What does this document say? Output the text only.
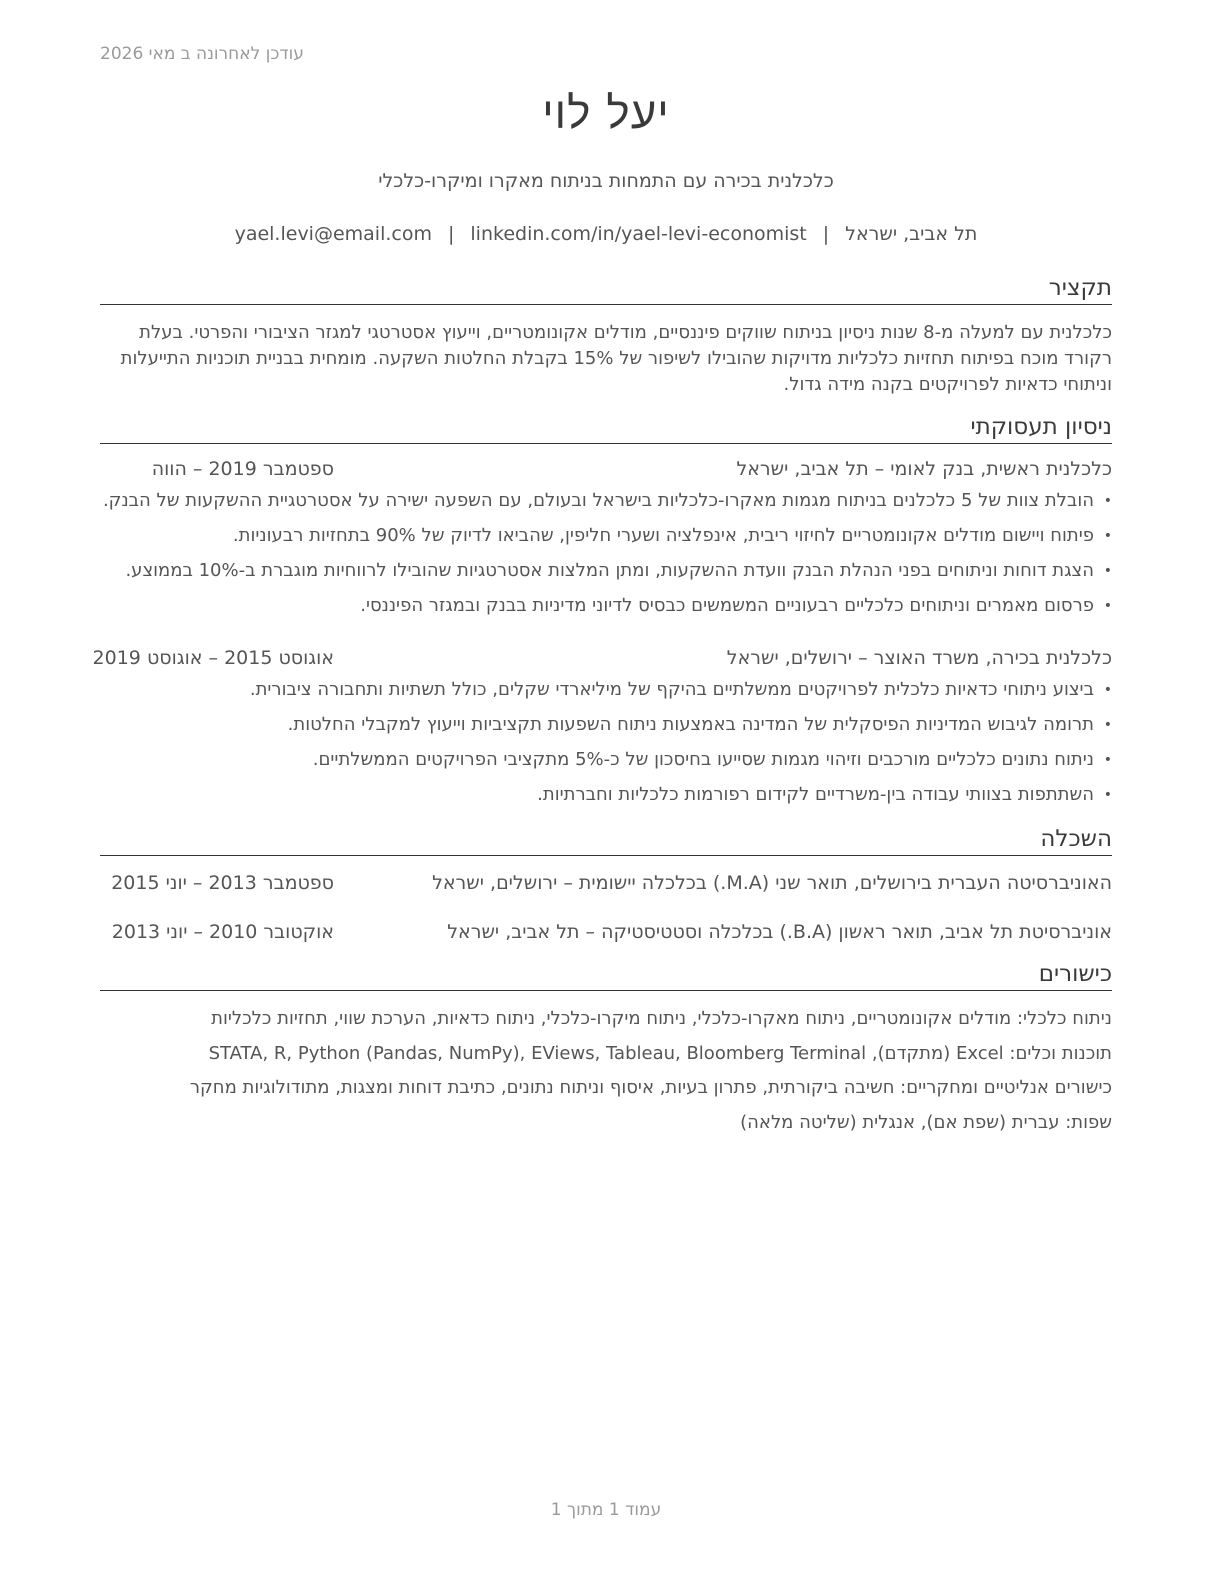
עודכן לאחרונה ב מאי 2026
יעל לוי
כלכלנית בכירה עם התמחות בניתוח מאקרו ומיקרו-כלכלי
תל אביב, ישראל|yael.levi@email.com | linkedin.com/in/yael-levi-economist
תקציר
כלכלנית עם למעלה מ-8 שנות ניסיון בניתוח שווקים פיננסיים, מודלים אקונומטריים, וייעוץ אסטרטגי למגזר הציבורי והפרטי. בעלת רקורד מוכח בפיתוח תחזיות כלכליות מדויקות שהובילו לשיפור של 15% בקבלת החלטות השקעה. מומחית בבניית תוכניות התייעלות וניתוחי כדאיות לפרויקטים בקנה מידה גדול.
ניסיון תעסוקתי
כלכלנית ראשית, בנק לאומי – תל אביב, ישראל
ספטמבר 2019 – הווה
• הובלת צוות של 5 כלכלנים בניתוח מגמות מאקרו-כלכליות בישראל ובעולם, עם השפעה ישירה על אסטרטגיית ההשקעות של הבנק.
• פיתוח ויישום מודלים אקונומטריים לחיזוי ריבית, אינפלציה ושערי חליפין, שהביאו לדיוק של 90% בתחזיות רבעוניות.
• הצגת דוחות וניתוחים בפני הנהלת הבנק וועדת ההשקעות, ומתן המלצות אסטרטגיות שהובילו לרווחיות מוגברת ב-10% בממוצע.
• פרסום מאמרים וניתוחים כלכליים רבעוניים המשמשים כבסיס לדיוני מדיניות בבנק ובמגזר הפיננסי.
כלכלנית בכירה, משרד האוצר – ירושלים, ישראל
אוגוסט 2015 – אוגוסט 2019
• ביצוע ניתוחי כדאיות כלכלית לפרויקטים ממשלתיים בהיקף של מיליארדי שקלים, כולל תשתיות ותחבורה ציבורית.
• תרומה לגיבוש המדיניות הפיסקלית של המדינה באמצעות ניתוח השפעות תקציביות וייעוץ למקבלי החלטות.
• ניתוח נתונים כלכליים מורכבים וזיהוי מגמות שסייעו בחיסכון של כ-5% מתקציבי הפרויקטים הממשלתיים.
• השתתפות בצוותי עבודה בין-משרדיים לקידום רפורמות כלכליות וחברתיות.
השכלה
האוניברסיטה העברית בירושלים, תואר שני (M.A.) בכלכלה יישומית – ירושלים, ישראל
ספטמבר 2013 – יוני 2015
אוניברסיטת תל אביב, תואר ראשון (B.A.) בכלכלה וסטטיסטיקה – תל אביב, ישראל
אוקטובר 2010 – יוני 2013
כישורים
ניתוח כלכלי: מודלים אקונומטריים, ניתוח מאקרו-כלכלי, ניתוח מיקרו-כלכלי, ניתוח כדאיות, הערכת שווי, תחזיות כלכליות
תוכנות וכלים: Excel (מתקדם), STATA, R, Python (Pandas, NumPy), EViews, Tableau, Bloomberg Terminal
כישורים אנליטיים ומחקריים: חשיבה ביקורתית, פתרון בעיות, איסוף וניתוח נתונים, כתיבת דוחות ומצגות, מתודולוגיות מחקר
שפות: עברית (שפת אם), אנגלית (שליטה מלאה)
עמוד 1 מתוך 1
